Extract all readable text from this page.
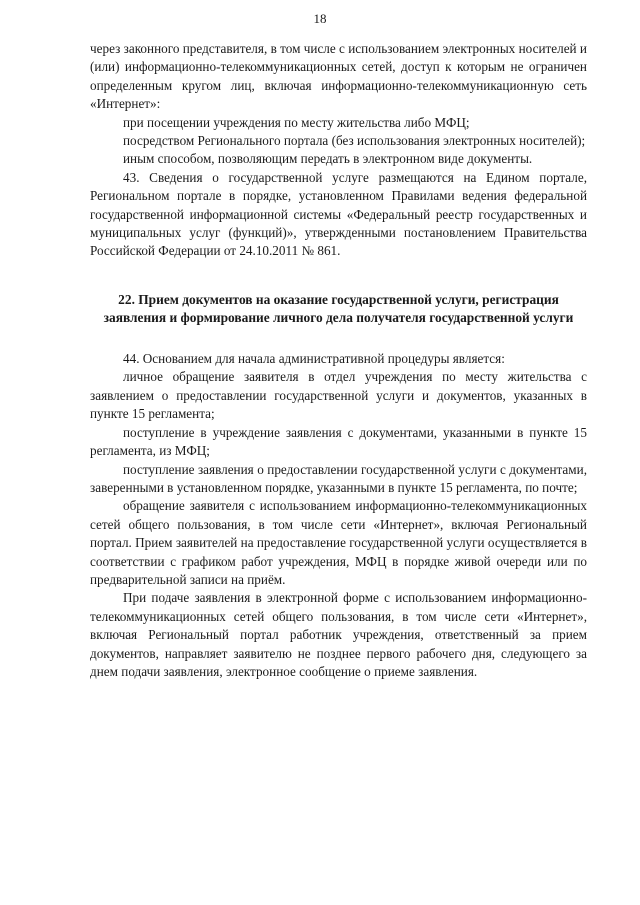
18

через законного представителя, в том числе с использованием электронных носителей и (или) информационно-телекоммуникационных сетей, доступ к которым не ограничен определенным кругом лиц, включая информационно-телекоммуникационную сеть «Интернет»:

при посещении учреждения по месту жительства либо МФЦ;

посредством Регионального портала (без использования электронных носителей);

иным способом, позволяющим передать в электронном виде документы.

43. Сведения о государственной услуге размещаются на Едином портале, Региональном портале в порядке, установленном Правилами ведения федеральной государственной информационной системы «Федеральный реестр государственных и муниципальных услуг (функций)», утвержденными постановлением Правительства Российской Федерации от 24.10.2011 № 861.

22. Прием документов на оказание государственной услуги, регистрация заявления и формирование личного дела получателя государственной услуги

44. Основанием для начала административной процедуры является:

личное обращение заявителя в отдел учреждения по месту жительства с заявлением о предоставлении государственной услуги и документов, указанных в пункте 15 регламента;

поступление в учреждение заявления с документами, указанными в пункте 15 регламента, из МФЦ;

поступление заявления о предоставлении государственной услуги с документами, заверенными в установленном порядке, указанными в пункте 15 регламента, по почте;

обращение заявителя с использованием информационно-телекоммуникационных сетей общего пользования, в том числе сети «Интернет», включая Региональный портал. Прием заявителей на предоставление государственной услуги осуществляется в соответствии с графиком работ учреждения, МФЦ в порядке живой очереди или по предварительной записи на приём.

При подаче заявления в электронной форме с использованием информационно-телекоммуникационных сетей общего пользования, в том числе сети «Интернет», включая Региональный портал работник учреждения, ответственный за прием документов, направляет заявителю не позднее первого рабочего дня, следующего за днем подачи заявления, электронное сообщение о приеме заявления.
